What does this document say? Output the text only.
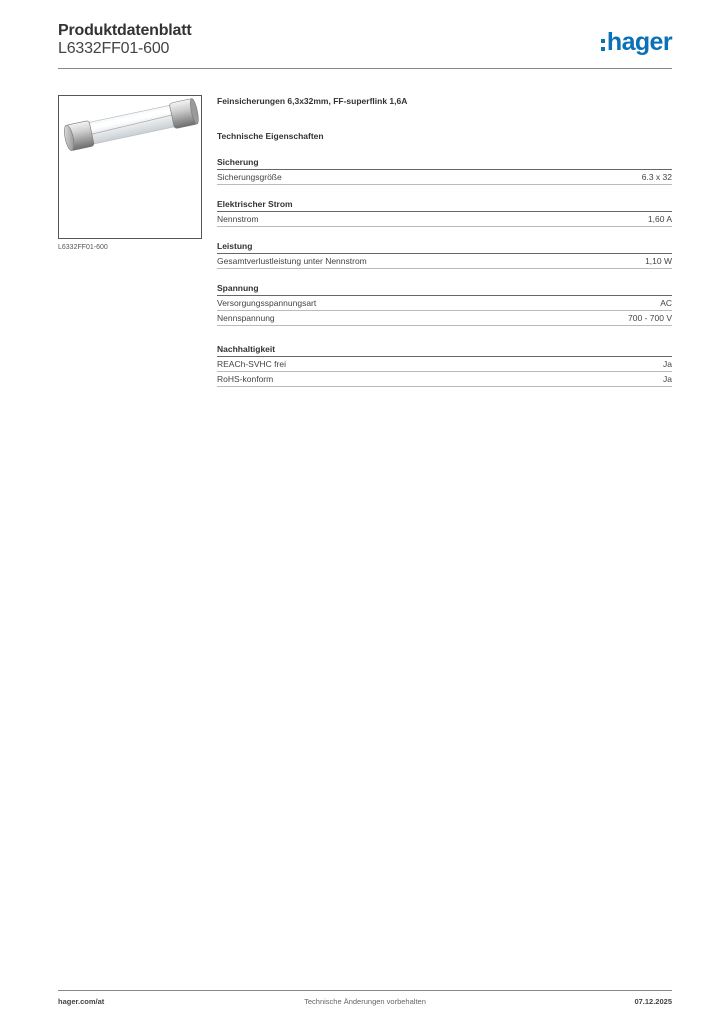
Produktdatenblatt
L6332FF01-600	hager
L6332FF01-600
Feinsicherungen 6,3x32mm, FF-superflink 1,6A
Technische Eigenschaften
Sicherung
Sicherungsgröße	6.3 x 32
Elektrischer Strom
Nennstrom	1,60 A
Leistung
Gesamtverlustleistung unter Nennstrom	1,10 W
Spannung
Versorgungsspannungsart	AC
Nennspannung	700 - 700 V
Nachhaltigkeit
REACh-SVHC frei	Ja
RoHS-konform	Ja
hager.com/at	Technische Änderungen vorbehalten	07.12.2025
